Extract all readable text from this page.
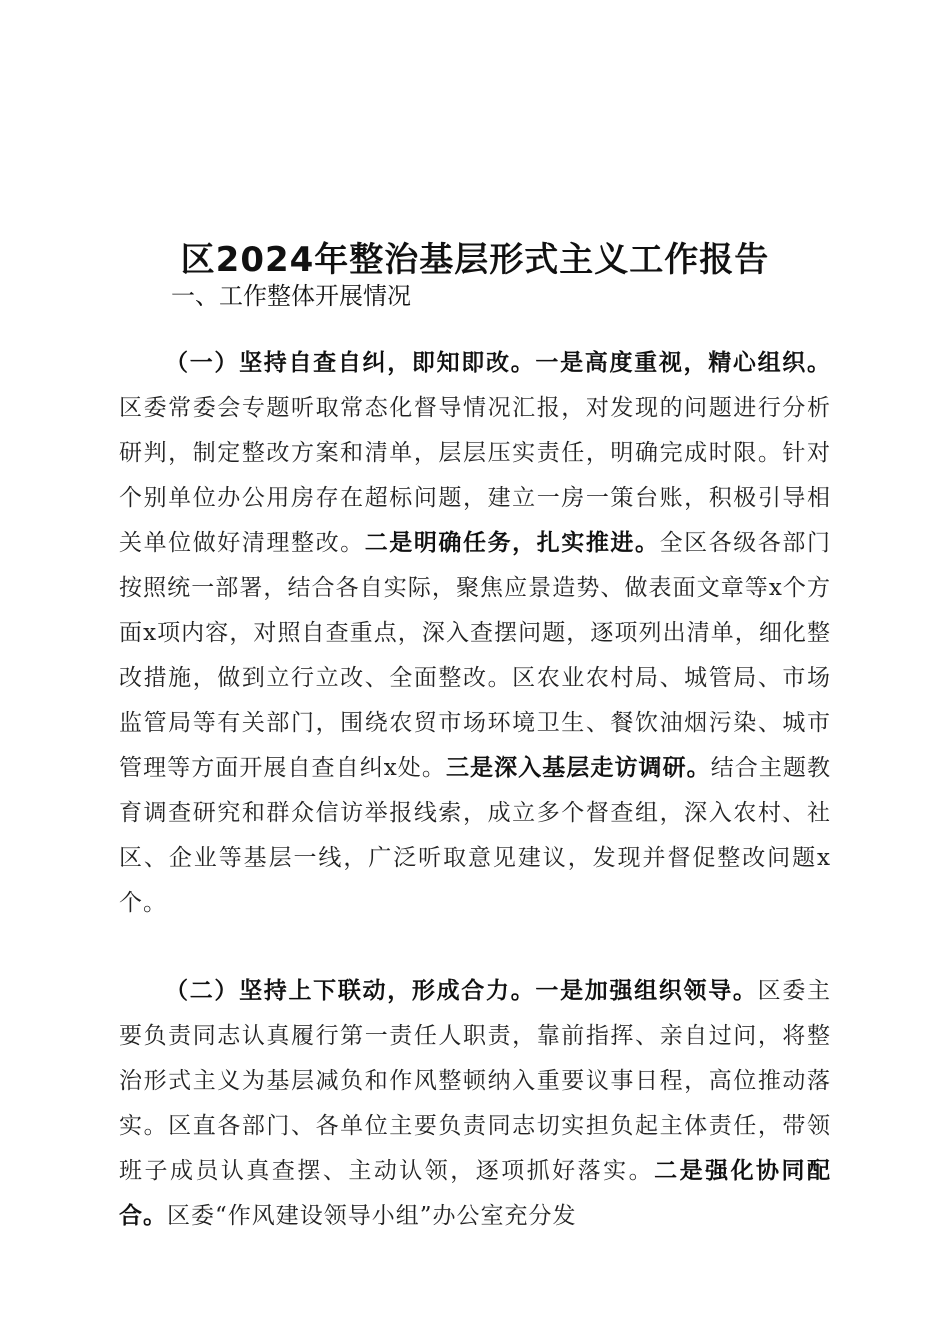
区2024年整治基层形式主义工作报告
一、工作整体开展情况

（一）坚持自查自纠，即知即改。一是高度重视，精心组织。区委常委会专题听取常态化督导情况汇报，对发现的问题进行分析研判，制定整改方案和清单，层层压实责任，明确完成时限。针对个别单位办公用房存在超标问题，建立一房一策台账，积极引导相关单位做好清理整改。二是明确任务，扎实推进。全区各级各部门按照统一部署，结合各自实际，聚焦应景造势、做表面文章等x个方面x项内容，对照自查重点，深入查摆问题，逐项列出清单，细化整改措施，做到立行立改、全面整改。区农业农村局、城管局、市场监管局等有关部门，围绕农贸市场环境卫生、餐饮油烟污染、城市管理等方面开展自查自纠x处。三是深入基层走访调研。结合主题教育调查研究和群众信访举报线索，成立多个督查组，深入农村、社区、企业等基层一线，广泛听取意见建议，发现并督促整改问题x个。

（二）坚持上下联动，形成合力。一是加强组织领导。区委主要负责同志认真履行第一责任人职责，靠前指挥、亲自过问，将整治形式主义为基层减负和作风整顿纳入重要议事日程，高位推动落实。区直各部门、各单位主要负责同志切实担负起主体责任，带领班子成员认真查摆、主动认领，逐项抓好落实。二是强化协同配合。区委“作风建设领导小组”办公室充分发
